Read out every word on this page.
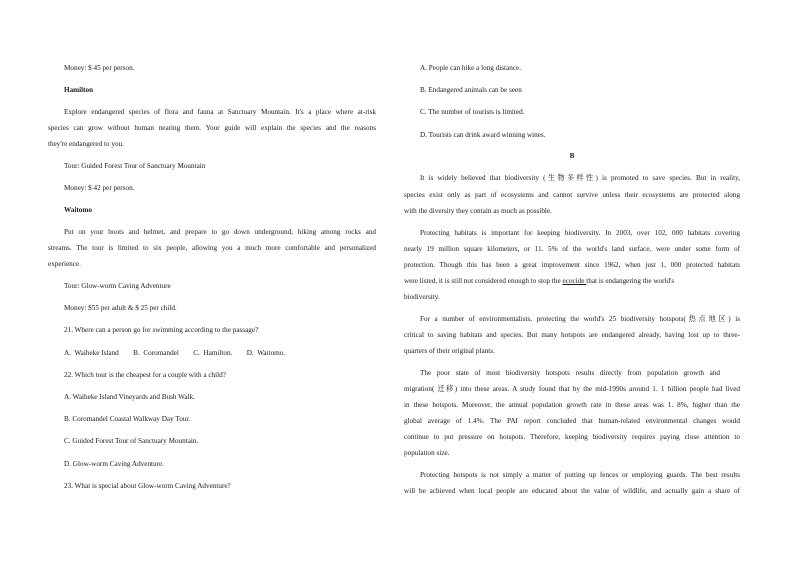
Money: $ 45 per person.
Hamilton
Explore endangered species of flora and fauna at Sanctuary Mountain. It's a place where at-risk
species can grow without human nearing them. Your guide will explain the species and the reasons
they're endangered to you.
Tour: Guided Forest Tour of Sanctuary Mountain
Money: $ 42 per person.
Waitomo
Put on your boots and helmet, and prepare to go down underground, hiking among rocks and
streams. The tour is limited to six people, allowing you a much more comfortable and personalized
experience.
Tour: Glow-worm Caving Adventure
Money: $55 per adult & $ 25 per child.
21. Where can a person go for swimming according to the passage?
A.  Waiheke Island        B.  Coromandel        C.  Hamilton.        D.  Waitomo.
22. Which tour is the cheapest for a couple with a child?
A. Waiheke Island Vineyards and Bush Walk.
B. Coromandel Coastal Walkway Day Tour.
C. Guided Forest Tour of Sanctuary Mountain.
D. Glow-worm Caving Adventure.
23. What is special about Glow-worm Caving Adventure?
A. People can hike a long distance.
B. Endangered animals can be seen
C. The number of tourists is limited.
D. Tourists can drink award winning wines.
B
It is widely believed that biodiversity (生物多样性) is promoted to save species. But in reality,
species exist only as part of ecosystems and cannot survive unless their ecosystems are protected along
with the diversity they contain as much as possible.
Protecting habitats is important for keeping biodiversity. In 2003, over 102, 000 habitats covering
nearly 19 million square kilometers, or 11. 5% of the world's land surface, were under some form of
protection. Though this has been a great improvement since 1962, when just 1, 000 protected habitats
were listed, it is still not considered enough to stop the ecocide that is endangering the world's
biodiversity.
For a number of environmentalists, protecting the world's 25 biodiversity hotspots(热点地区) is
critical to saving habitats and species. But many hotspots are endangered already, having lost up to three-
quarters of their original plants.
The poor state of most biodiversity hotspots results directly from population growth and
migration( 迁移) into these areas. A study found that by the mid-1990s around 1. 1 billion people had lived
in these hotspots. Moreover, the annual population growth rate in these areas was 1. 8%, higher than the
global average of 1.4%. The PAI report concluded that human-related environmental changes would
continue to put pressure on hotspots. Therefore, keeping biodiversity requires paying close attention to
population size.
Protecting hotspots is not simply a matter of putting up fences or employing guards. The best results
will be achieved when local people are educated about the value of wildlife, and actually gain a share of
